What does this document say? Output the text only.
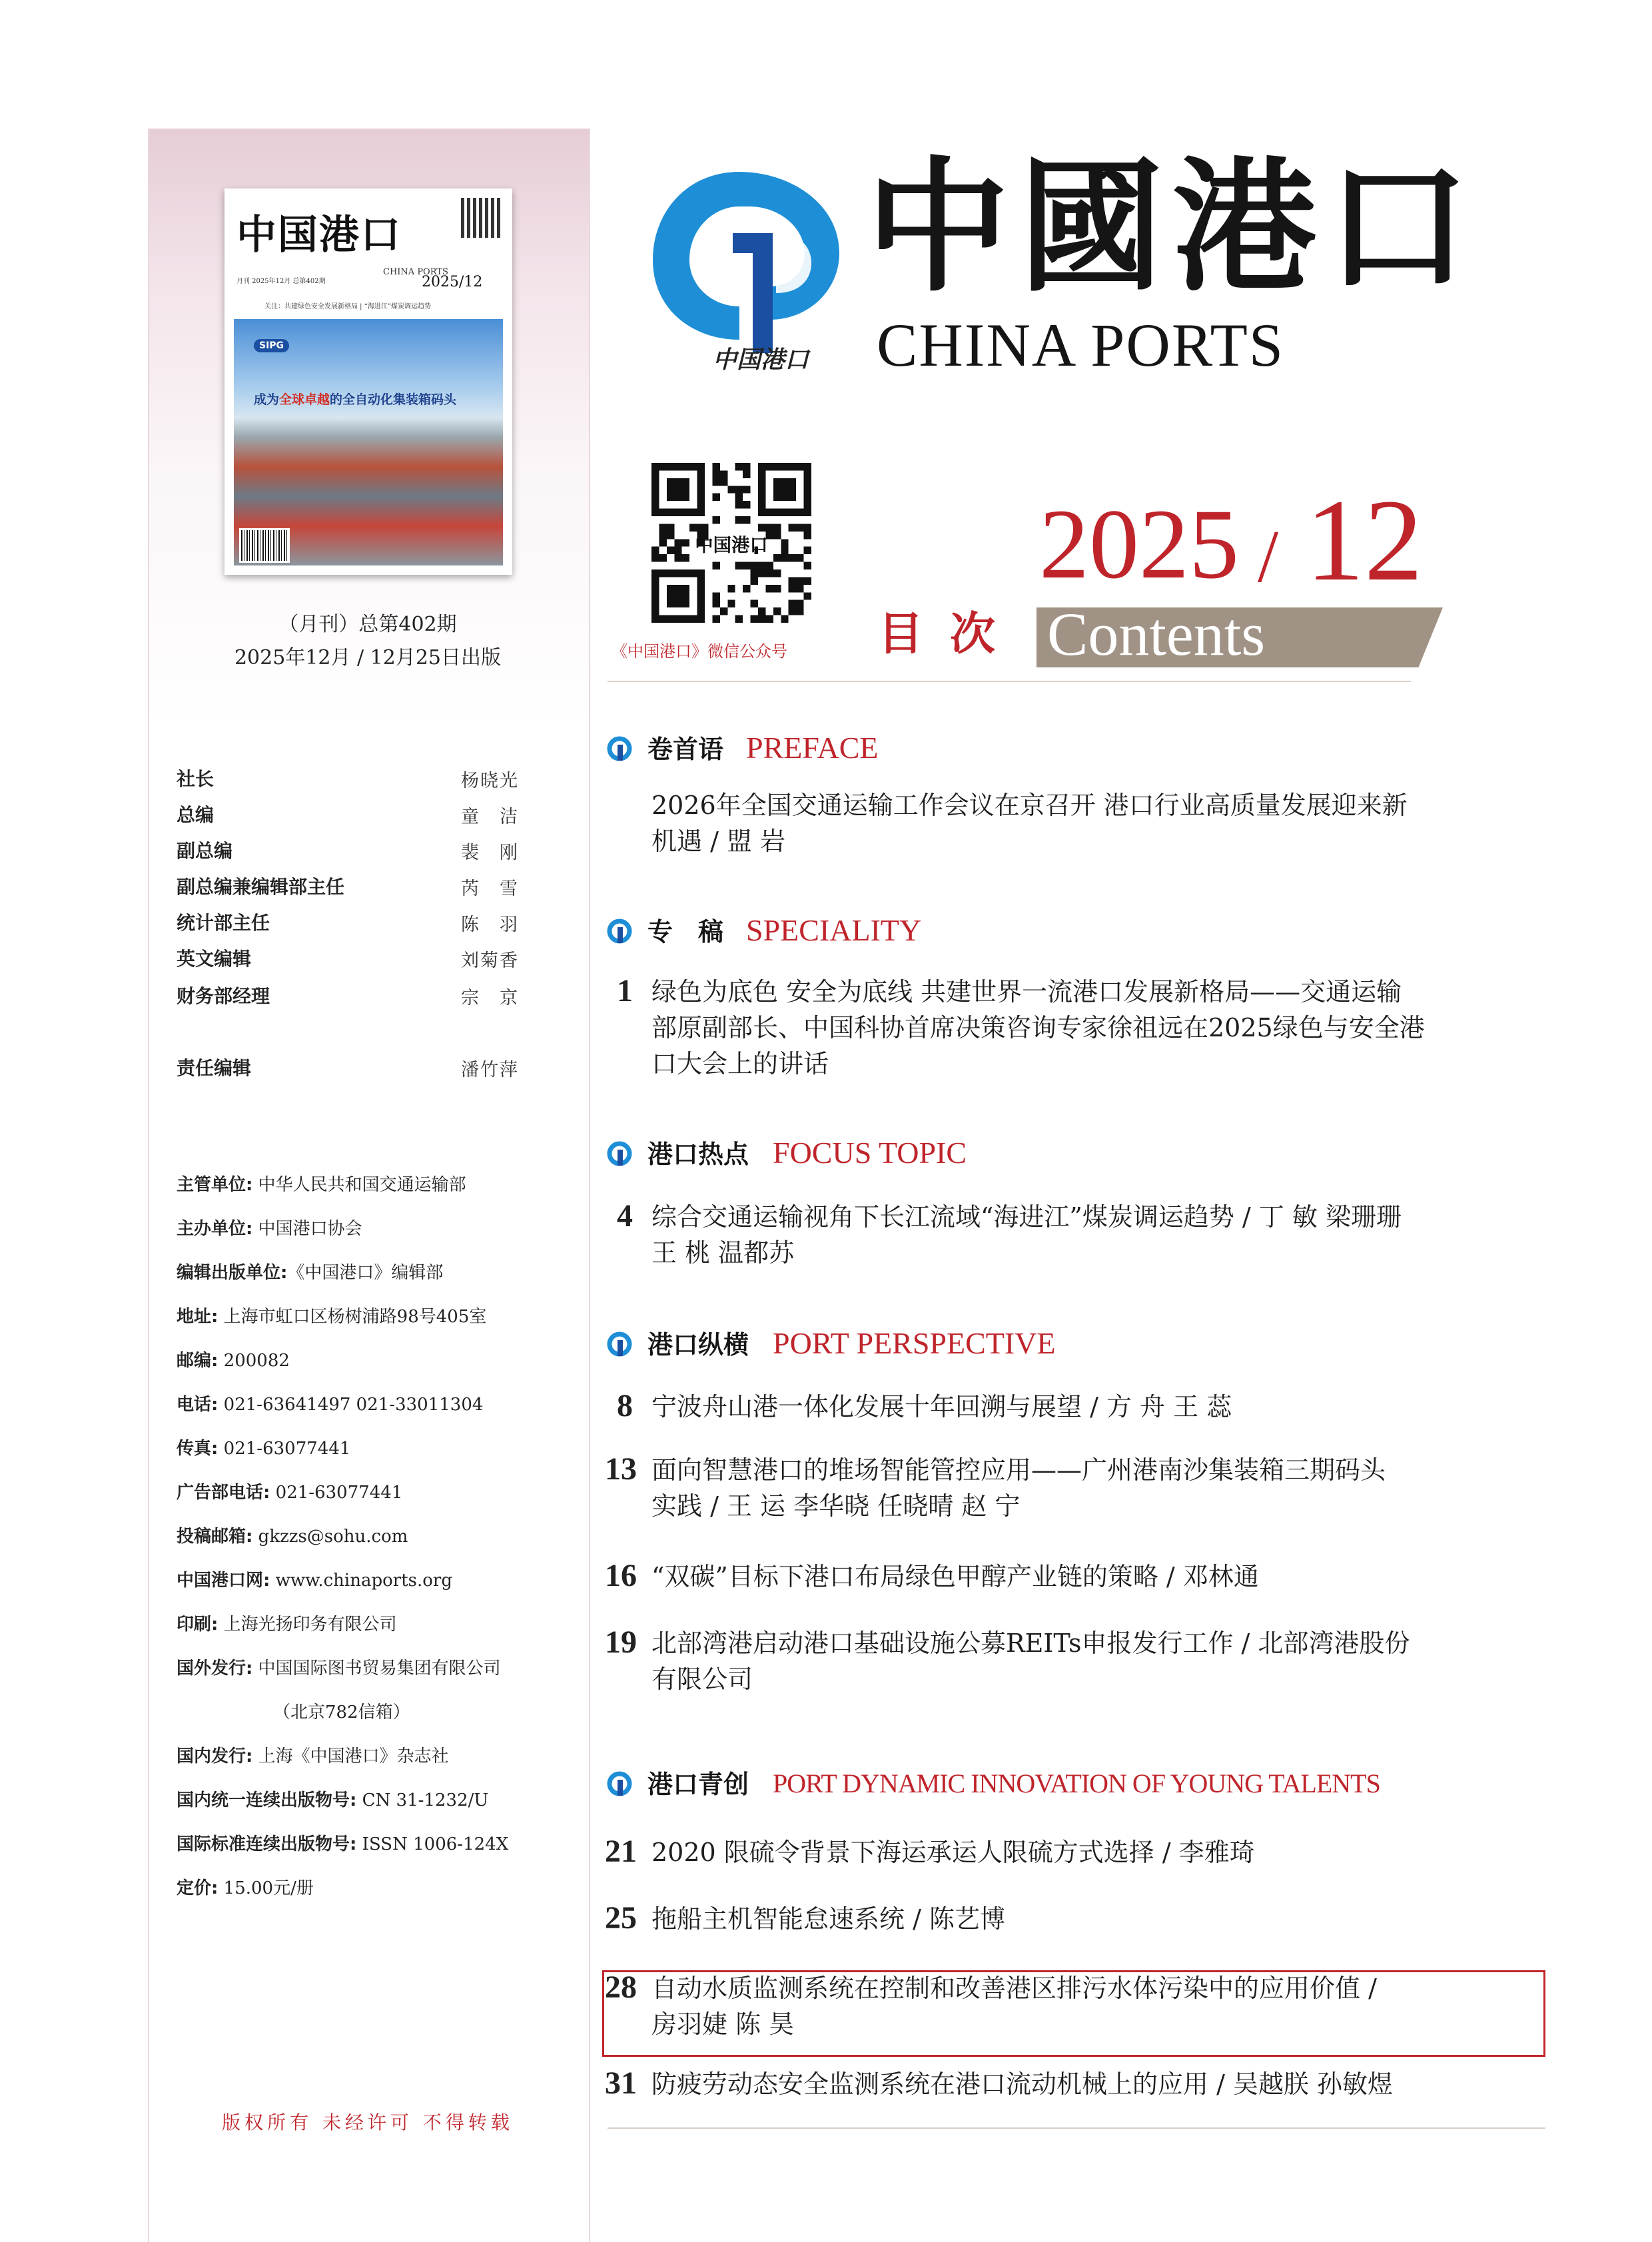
中国港口
CHINA PORTS
月刊 2025年12月 总第402期	2025/12
关注：共建绿色安全发展新格局 | “海进江”煤炭调运趋势
SIPG
成为全球卓越的全自动化集装箱码头
（月刊）总第402期
2025年12月 / 12月25日出版
社长	杨晓光
总编	童　洁
副总编	裴　刚
副总编兼编辑部主任	芮　雪
统计部主任	陈　羽
英文编辑	刘菊香
财务部经理	宗　京
责任编辑	潘竹萍
主管单位: 中华人民共和国交通运输部
主办单位: 中国港口协会
编辑出版单位:《中国港口》编辑部
地址: 上海市虹口区杨树浦路98号405室
邮编: 200082
电话: 021-63641497 021-33011304
传真: 021-63077441
广告部电话: 021-63077441
投稿邮箱: gkzzs@sohu.com
中国港口网: www.chinaports.org
印刷: 上海光扬印务有限公司
国外发行: 中国国际图书贸易集团有限公司
（北京782信箱）
国内发行: 上海《中国港口》杂志社
国内统一连续出版物号: CN 31-1232/U
国际标准连续出版物号: ISSN 1006-124X
定价: 15.00元/册
版权所有 未经许可 不得转载
中国港口
中國港口
CHINA PORTS
中国港口
《中国港口》微信公众号
2025 / 12
目次 Contents
卷首语 PREFACE
2026年全国交通运输工作会议在京召开 港口行业高质量发展迎来新
机遇 / 盟 岩
专　稿 SPECIALITY
1 绿色为底色 安全为底线 共建世界一流港口发展新格局——交通运输
部原副部长、中国科协首席决策咨询专家徐祖远在2025绿色与安全港
口大会上的讲话
港口热点 FOCUS TOPIC
4 综合交通运输视角下长江流域“海进江”煤炭调运趋势 / 丁 敏 梁珊珊
王 桃 温都苏
港口纵横 PORT PERSPECTIVE
8 宁波舟山港一体化发展十年回溯与展望 / 方 舟 王 蕊
13 面向智慧港口的堆场智能管控应用——广州港南沙集装箱三期码头
实践 / 王 运 李华晓 任晓晴 赵 宁
16 “双碳”目标下港口布局绿色甲醇产业链的策略 / 邓林通
19 北部湾港启动港口基础设施公募REITs申报发行工作 / 北部湾港股份
有限公司
港口青创 PORT DYNAMIC INNOVATION OF YOUNG TALENTS
21 2020 限硫令背景下海运承运人限硫方式选择 / 李雅琦
25 拖船主机智能怠速系统 / 陈艺博
28 自动水质监测系统在控制和改善港区排污水体污染中的应用价值 /
房羽婕 陈 昊
31 防疲劳动态安全监测系统在港口流动机械上的应用 / 吴越朕 孙敏煜
